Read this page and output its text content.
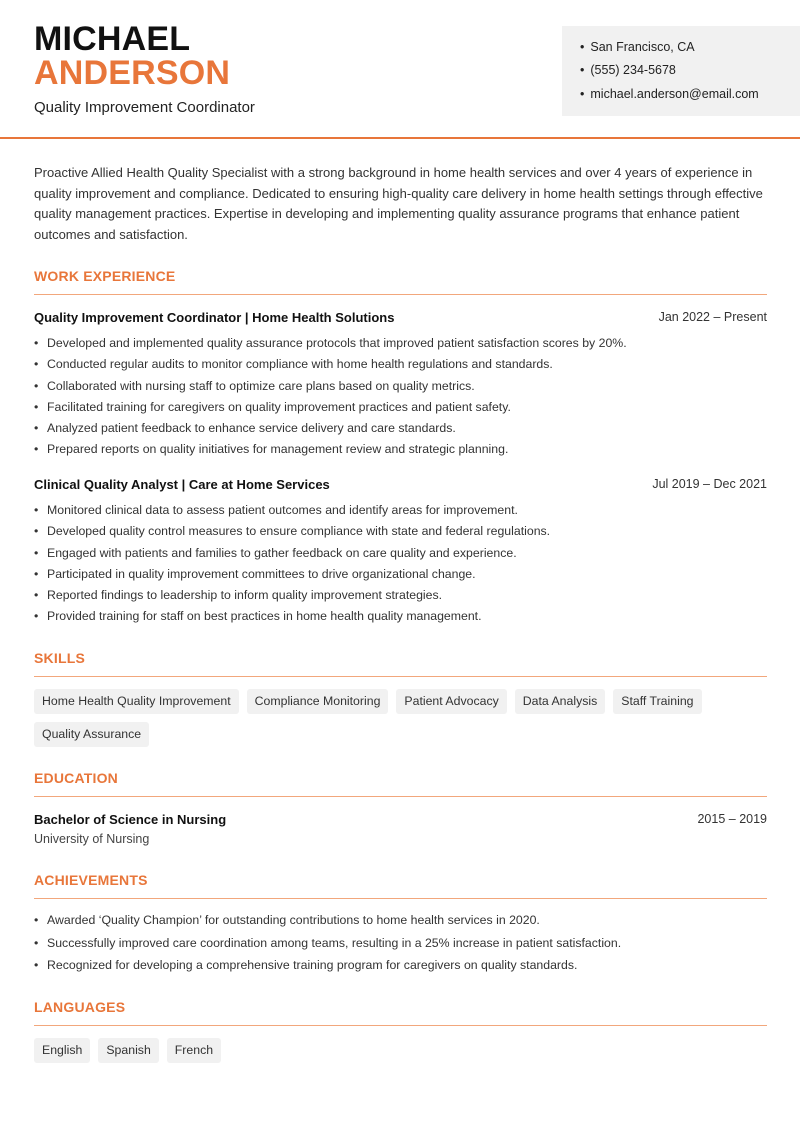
MICHAEL
ANDERSON
Quality Improvement Coordinator
• San Francisco, CA
• (555) 234-5678
• michael.anderson@email.com
Proactive Allied Health Quality Specialist with a strong background in home health services and over 4 years of experience in quality improvement and compliance. Dedicated to ensuring high-quality care delivery in home health settings through effective quality management practices. Expertise in developing and implementing quality assurance programs that enhance patient outcomes and satisfaction.
WORK EXPERIENCE
Quality Improvement Coordinator | Home Health Solutions	Jan 2022 – Present
• Developed and implemented quality assurance protocols that improved patient satisfaction scores by 20%.
• Conducted regular audits to monitor compliance with home health regulations and standards.
• Collaborated with nursing staff to optimize care plans based on quality metrics.
• Facilitated training for caregivers on quality improvement practices and patient safety.
• Analyzed patient feedback to enhance service delivery and care standards.
• Prepared reports on quality initiatives for management review and strategic planning.
Clinical Quality Analyst | Care at Home Services	Jul 2019 – Dec 2021
• Monitored clinical data to assess patient outcomes and identify areas for improvement.
• Developed quality control measures to ensure compliance with state and federal regulations.
• Engaged with patients and families to gather feedback on care quality and experience.
• Participated in quality improvement committees to drive organizational change.
• Reported findings to leadership to inform quality improvement strategies.
• Provided training for staff on best practices in home health quality management.
SKILLS
Home Health Quality Improvement	Compliance Monitoring	Patient Advocacy	Data Analysis	Staff Training
Quality Assurance
EDUCATION
Bachelor of Science in Nursing	2015 – 2019
University of Nursing
ACHIEVEMENTS
• Awarded ‘Quality Champion’ for outstanding contributions to home health services in 2020.
• Successfully improved care coordination among teams, resulting in a 25% increase in patient satisfaction.
• Recognized for developing a comprehensive training program for caregivers on quality standards.
LANGUAGES
English	Spanish	French
